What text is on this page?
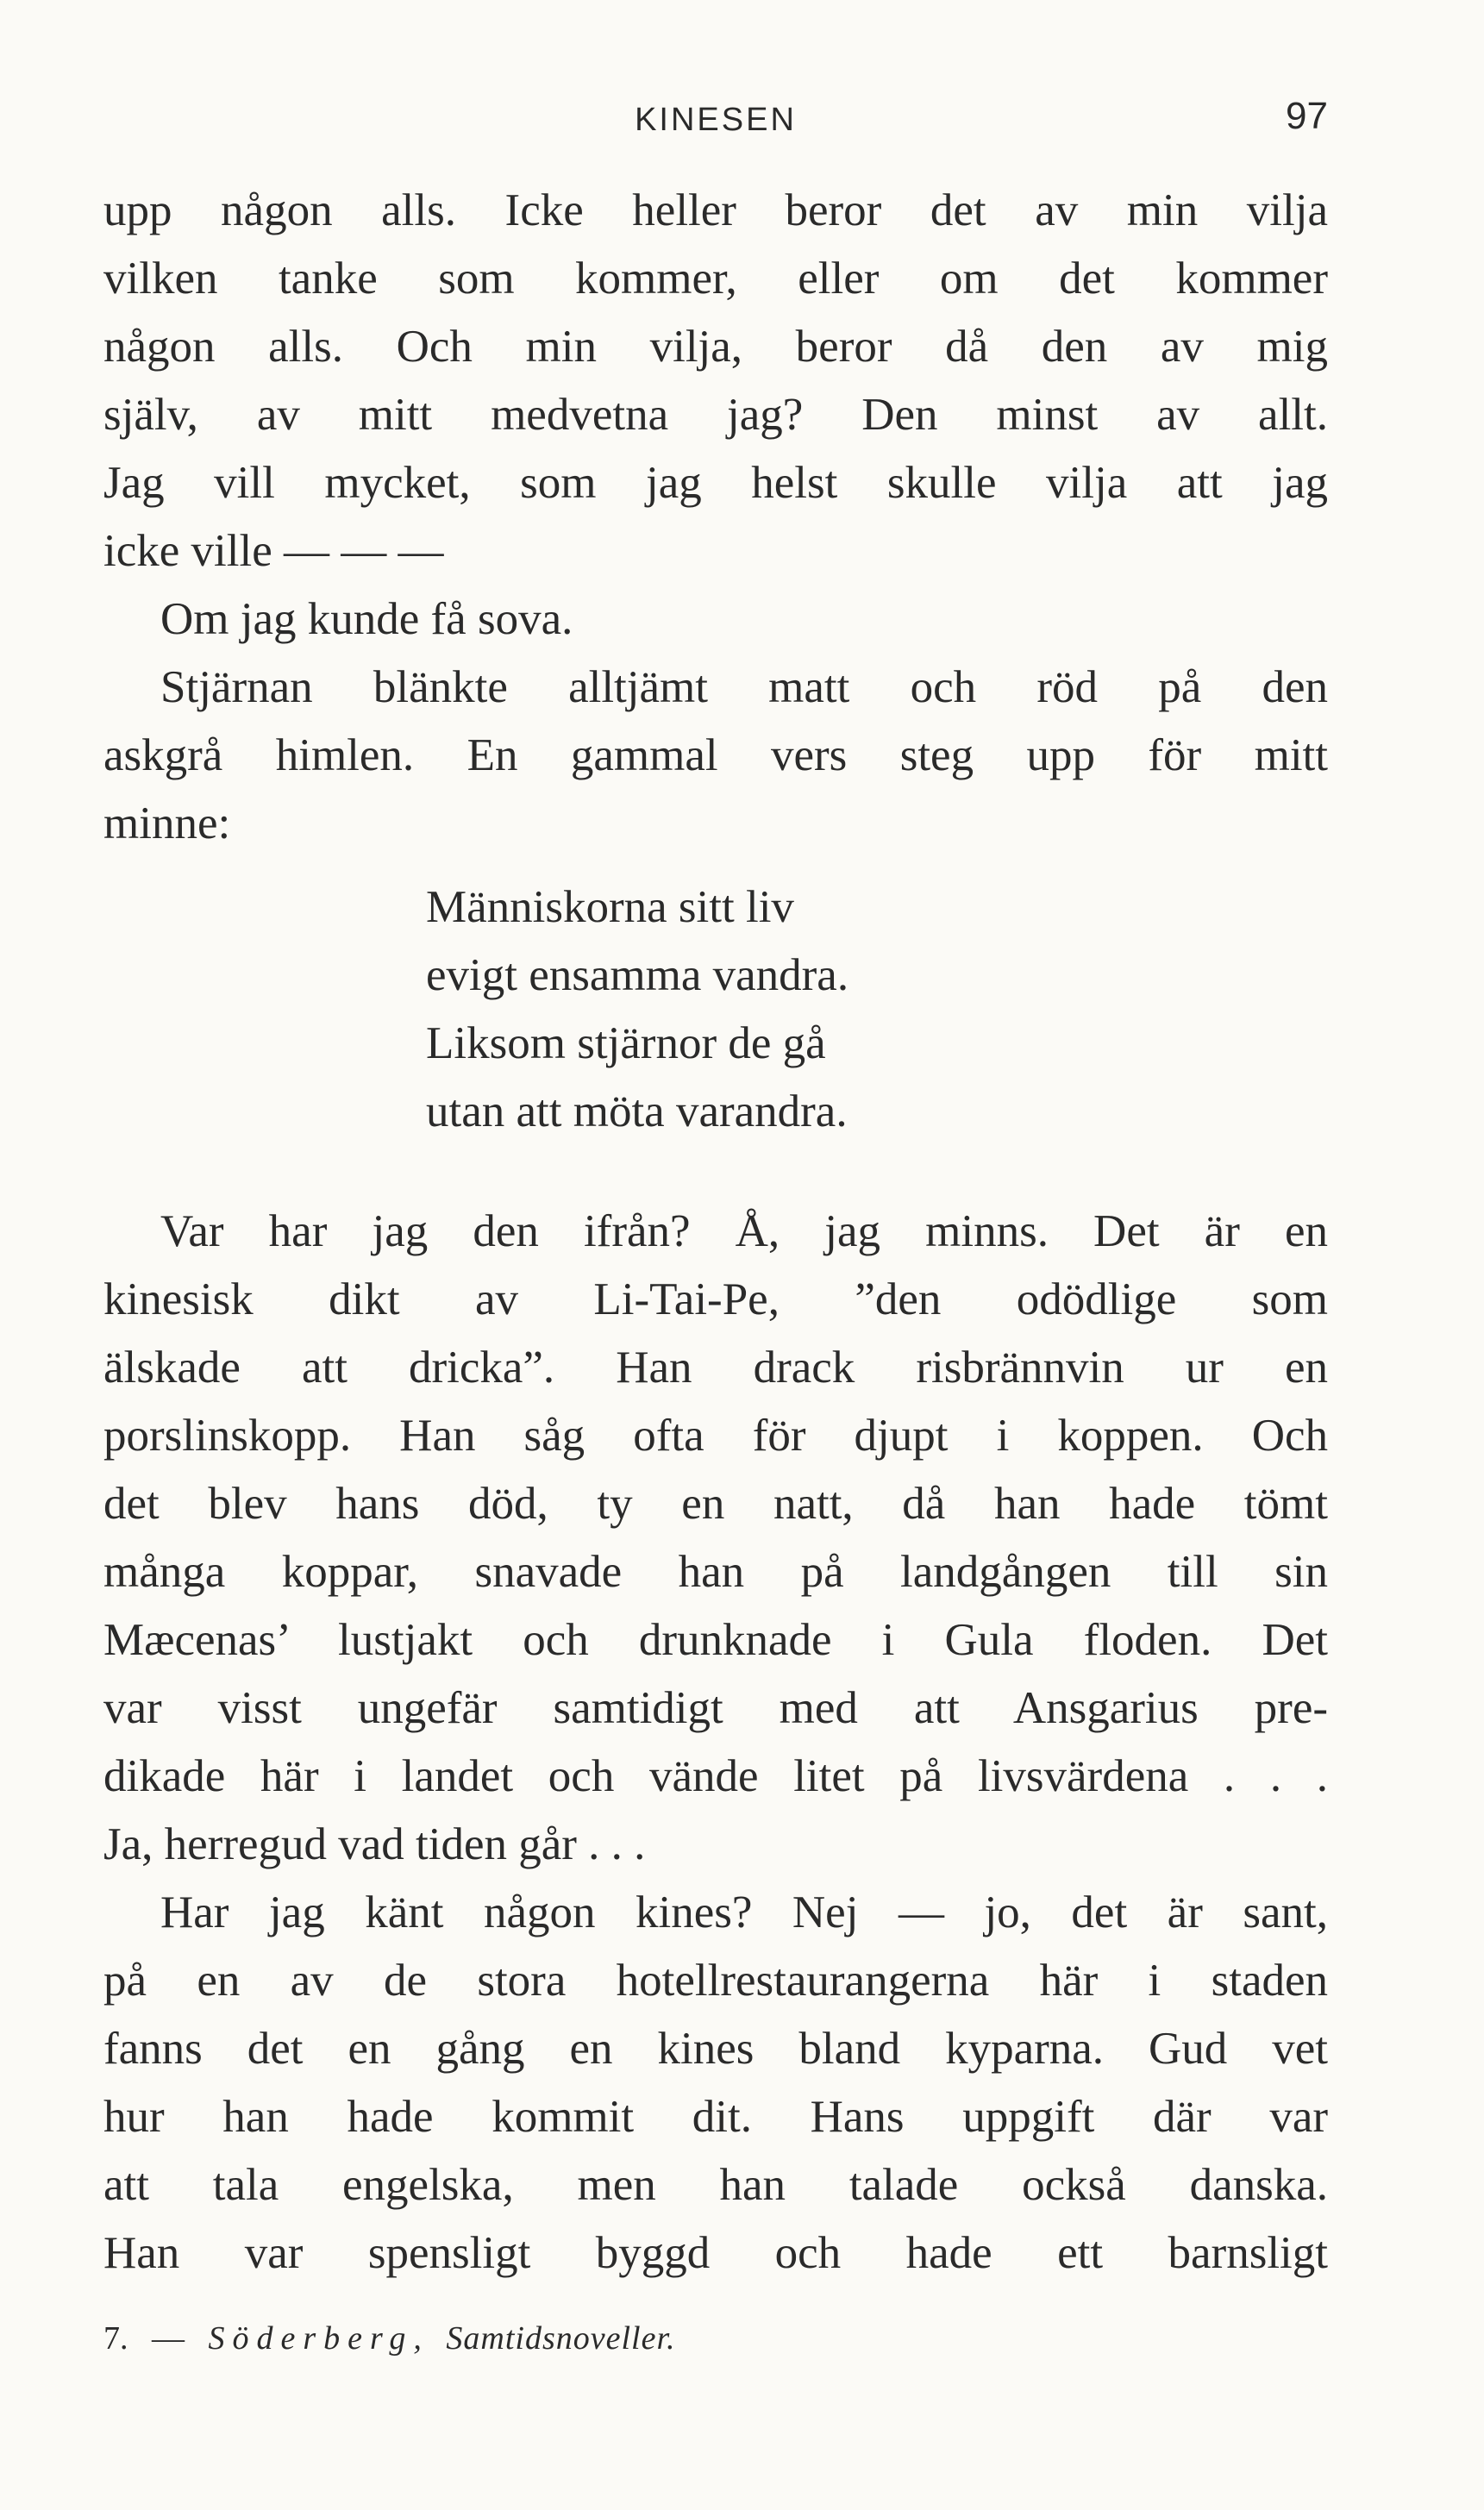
KINESEN	97
upp någon alls. Icke heller beror det av min vilja
vilken tanke som kommer, eller om det kommer
någon alls. Och min vilja, beror då den av mig
själv, av mitt medvetna jag? Den minst av allt.
Jag vill mycket, som jag helst skulle vilja att jag
icke ville — — —
Om jag kunde få sova.
Stjärnan blänkte alltjämt matt och röd på den
askgrå himlen. En gammal vers steg upp för mitt
minne:
Människorna sitt liv
evigt ensamma vandra.
Liksom stjärnor de gå
utan att möta varandra.
Var har jag den ifrån? Å, jag minns. Det är en
kinesisk dikt av Li-Tai-Pe, ”den odödlige som
älskade att dricka”. Han drack risbrännvin ur en
porslinskopp. Han såg ofta för djupt i koppen. Och
det blev hans död, ty en natt, då han hade tömt
många koppar, snavade han på landgången till sin
Mæcenas’ lustjakt och drunknade i Gula floden. Det
var visst ungefär samtidigt med att Ansgarius pre-
dikade här i landet och vände litet på livsvärdena . . .
Ja, herregud vad tiden går . . .
Har jag känt någon kines? Nej — jo, det är sant,
på en av de stora hotellrestaurangerna här i staden
fanns det en gång en kines bland kyparna. Gud vet
hur han hade kommit dit. Hans uppgift där var
att tala engelska, men han talade också danska.
Han var spensligt byggd och hade ett barnsligt
7. — Söderberg, Samtidsnoveller.
